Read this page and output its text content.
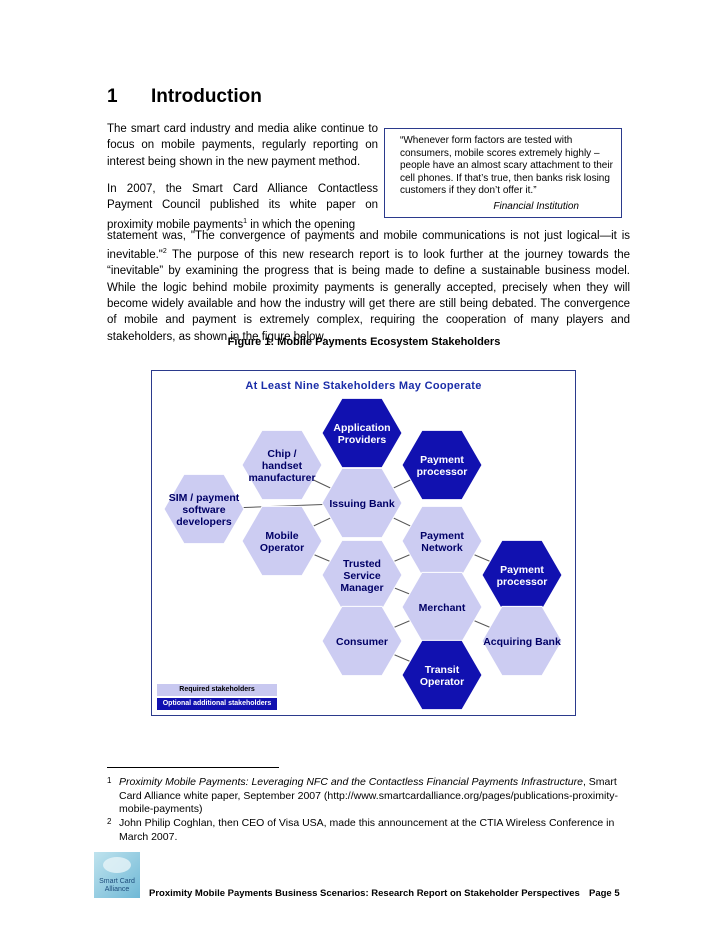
1 Introduction

The smart card industry and media alike continue to focus on mobile payments, regularly reporting on interest being shown in the new payment method.

In 2007, the Smart Card Alliance Contactless Payment Council published its white paper on proximity mobile payments$^1$ in which the opening

statement was, "The convergence of payments and mobile communications is not just logical—it is inevitable."$^2$ The purpose of this new research report is to look further at the journey towards the “inevitable” by examining the progress that is being made to define a sustainable business model. While the logic behind mobile proximity payments is generally accepted, precisely when they will become widely available and how the industry will get there are still being debated. The convergence of mobile and payment is extremely complex, requiring the cooperation of many players and stakeholders, as shown in the figure below.

“Whenever form factors are tested with consumers, mobile scores extremely highly – people have an almost scary attachment to their cell phones. If that’s true, then banks risk losing customers if they don’t offer it.”
Financial Institution
Figure 1: Mobile Payments Ecosystem Stakeholders
At Least Nine Stakeholders May Cooperate
Application
Providers
Chip /
handset
manufacturer
Payment
processor
SIM / payment
software
developers
Issuing Bank
Mobile
Operator
Payment
Network
Trusted
Service
Manager
Payment
processor
Merchant
Consumer	Acquiring Bank
Transit
Operator
Required stakeholders
Optional additional stakeholders

1 Proximity Mobile Payments: Leveraging NFC and the Contactless Financial Payments Infrastructure, Smart Card Alliance white paper, September 2007 (http://www.smartcardalliance.org/pages/publications-proximity-mobile-payments)

2 John Philip Coghlan, then CEO of Visa USA, made this announcement at the CTIA Wireless Conference in March 2007.

Smart Card
Alliance	Proximity Mobile Payments Business Scenarios: Research Report on Stakeholder Perspectives Page 5
